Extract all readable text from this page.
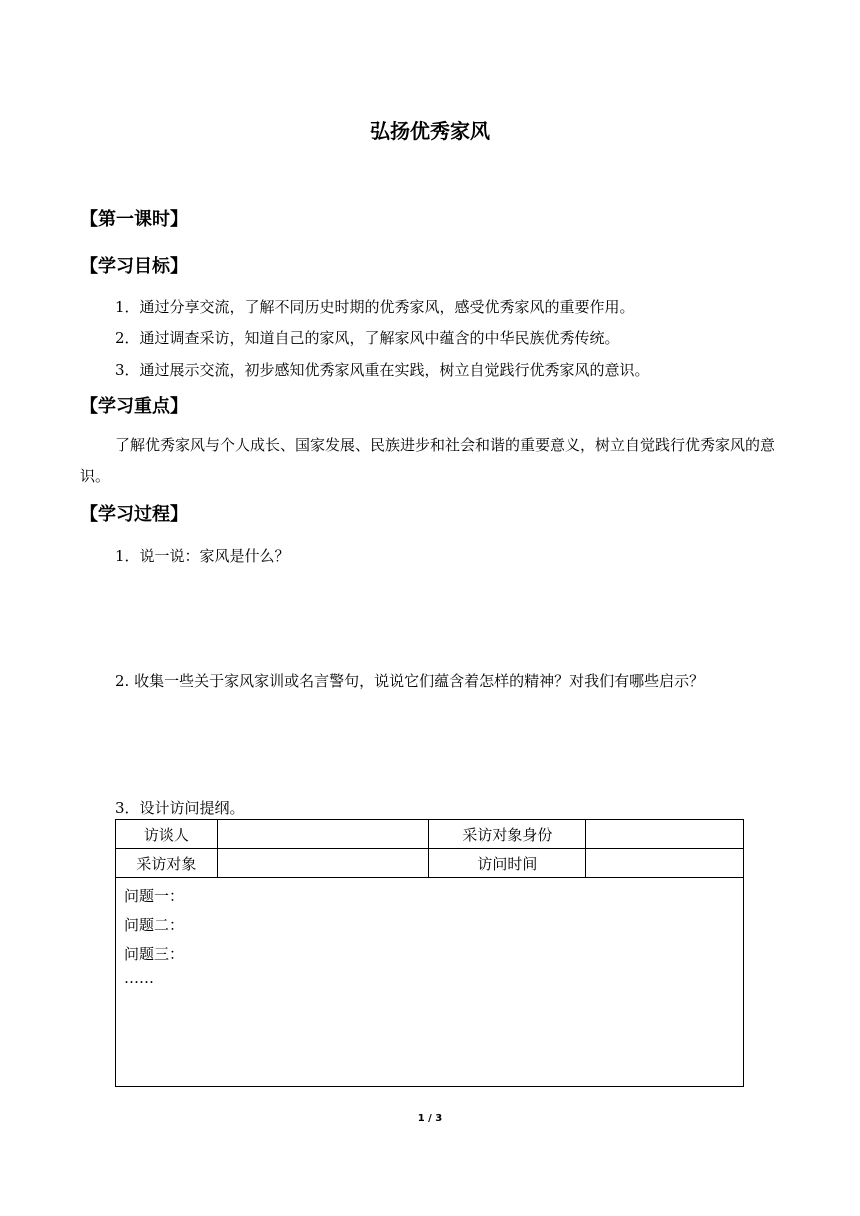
弘扬优秀家风
【第一课时】
【学习目标】
1．通过分享交流，了解不同历史时期的优秀家风，感受优秀家风的重要作用。
2．通过调查采访，知道自己的家风，了解家风中蕴含的中华民族优秀传统。
3．通过展示交流，初步感知优秀家风重在实践，树立自觉践行优秀家风的意识。
【学习重点】
了解优秀家风与个人成长、国家发展、民族进步和社会和谐的重要意义，树立自觉践行优秀家风的意识。
【学习过程】
1．说一说：家风是什么？
2. 收集一些关于家风家训或名言警句，说说它们蕴含着怎样的精神？对我们有哪些启示？
3．设计访问提纲。
访谈人		采访对象身份	
采访对象		访问时间	

问题一：
问题二：
问题三：
……			
1 / 3
